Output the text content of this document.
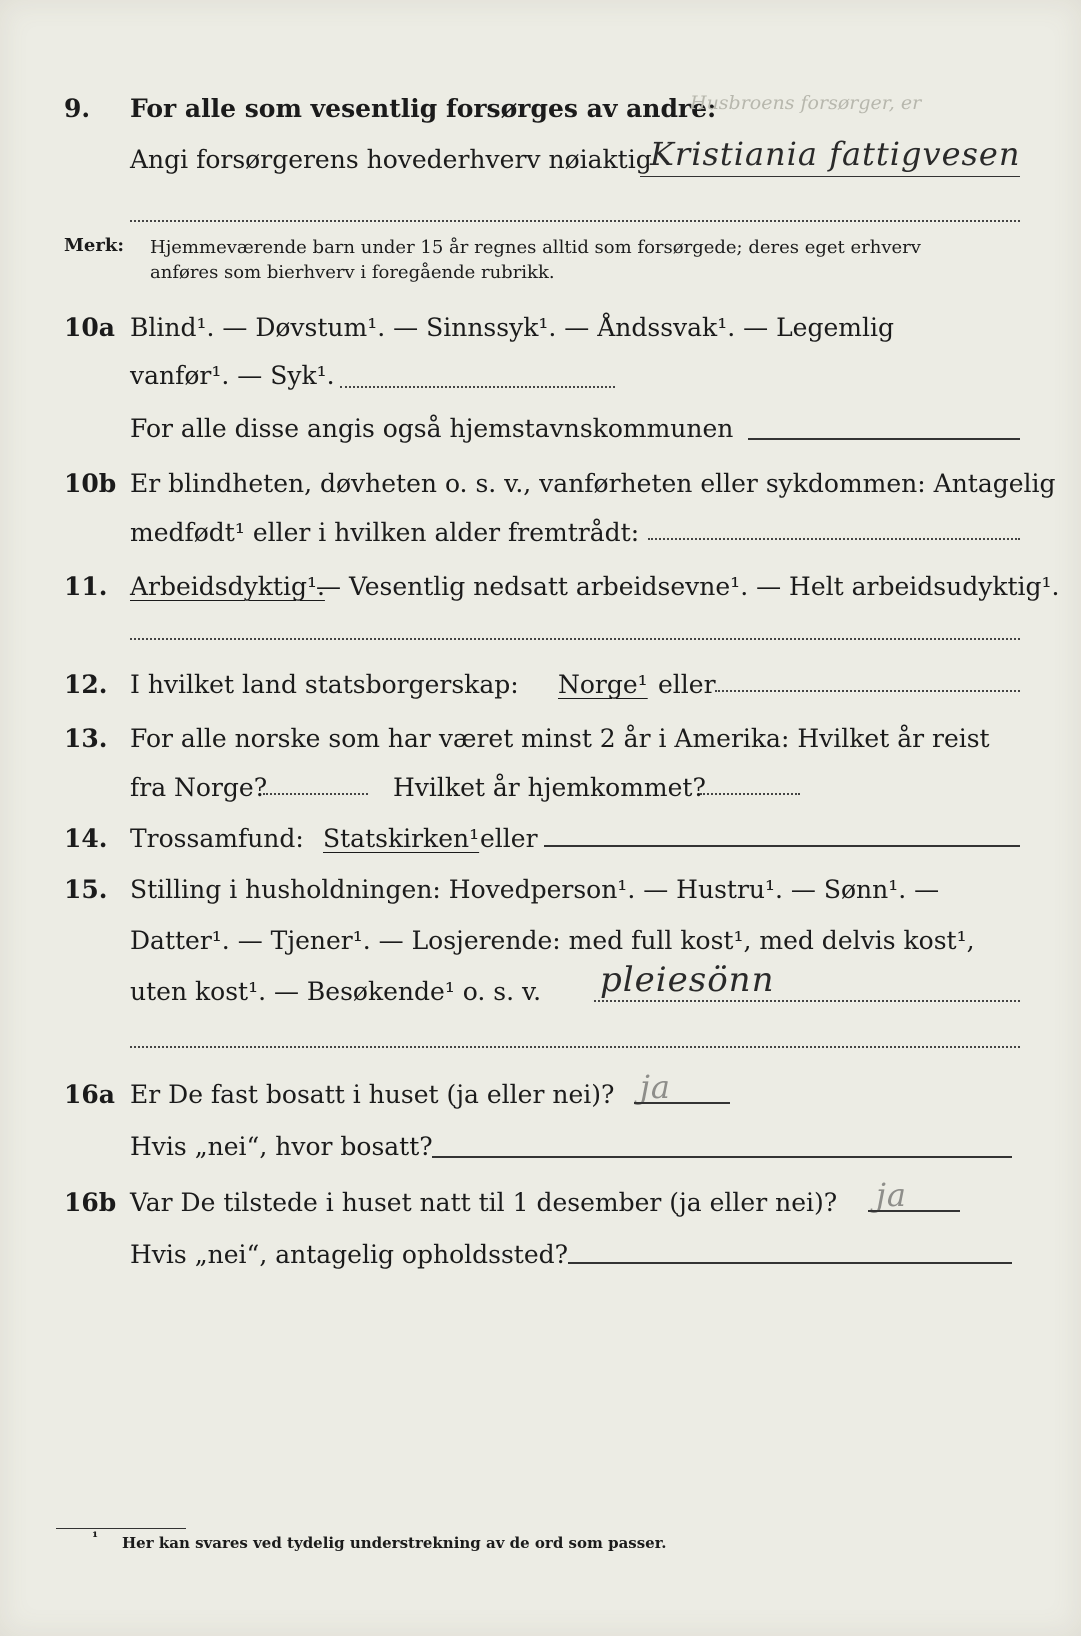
9. For alle som vesentlig forsørges av andre:
Husbroens forsørger, er
Angi forsørgerens hovederhverv nøiaktig
Kristiania fattigvesen
Merk: Hjemmeværende barn under 15 år regnes alltid som forsørgede; deres eget erhverv
anføres som bierhverv i foregående rubrikk.
10a Blind¹. — Døvstum¹. — Sinnssyk¹. — Åndssvak¹. — Legemlig
vanfør¹. — Syk¹.
For alle disse angis også hjemstavnskommunen
10b Er blindheten, døvheten o. s. v., vanførheten eller sykdommen: Antagelig
medfødt¹ eller i hvilken alder fremtrådt:
11. Arbeidsdyktig¹.
— Vesentlig nedsatt arbeidsevne¹. — Helt arbeidsudyktig¹.
12. I hvilket land statsborgerskap: Norge¹ eller
13. For alle norske som har været minst 2 år i Amerika: Hvilket år reist
fra Norge?	Hvilket år hjemkommet?
14. Trossamfund: Statskirken¹ eller
15. Stilling i husholdningen: Hovedperson¹. — Hustru¹. — Sønn¹. —
Datter¹. — Tjener¹. — Losjerende: med full kost¹, med delvis kost¹,
uten kost¹. — Besøkende¹ o. s. v. pleiesönn
16a Er De fast bosatt i huset (ja eller nei)? ja
Hvis „nei“, hvor bosatt?
16b Var De tilstede i huset natt til 1 desember (ja eller nei)? ja
Hvis „nei“, antagelig opholdssted?
¹ Her kan svares ved tydelig understrekning av de ord som passer.
